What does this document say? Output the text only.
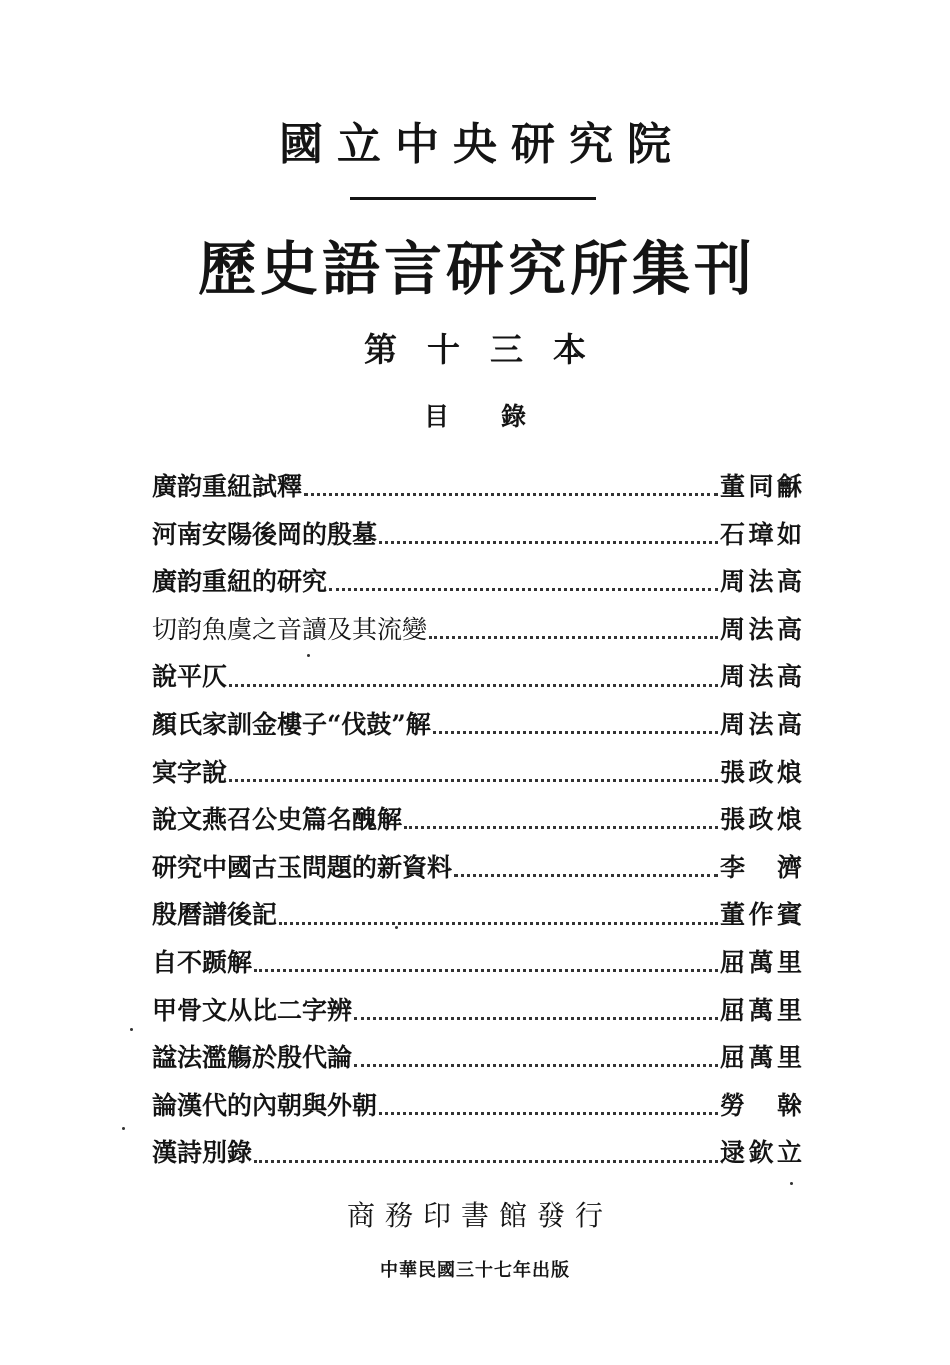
國立中央研究院
歷史語言研究所集刊
第十三本
目錄
廣韵重紐試釋	董同龢
河南安陽後岡的殷墓	石璋如
廣韵重紐的研究	周法高
切韵魚虞之音讀及其流變	周法高
說平仄	周法高
顏氏家訓金樓子“伐鼓”解	周法高
㝠字說	張政烺
說文燕召公史篇名醜解	張政烺
研究中國古玉問題的新資料	李 濟
殷曆譜後記	董作賓
自不踬解	屈萬里
甲骨文从比二字辨	屈萬里
諡法濫觴於殷代論	屈萬里
論漢代的內朝與外朝	勞 榦
漢詩別錄	逯欽立
商務印書館發行
中華民國三十七年出版
